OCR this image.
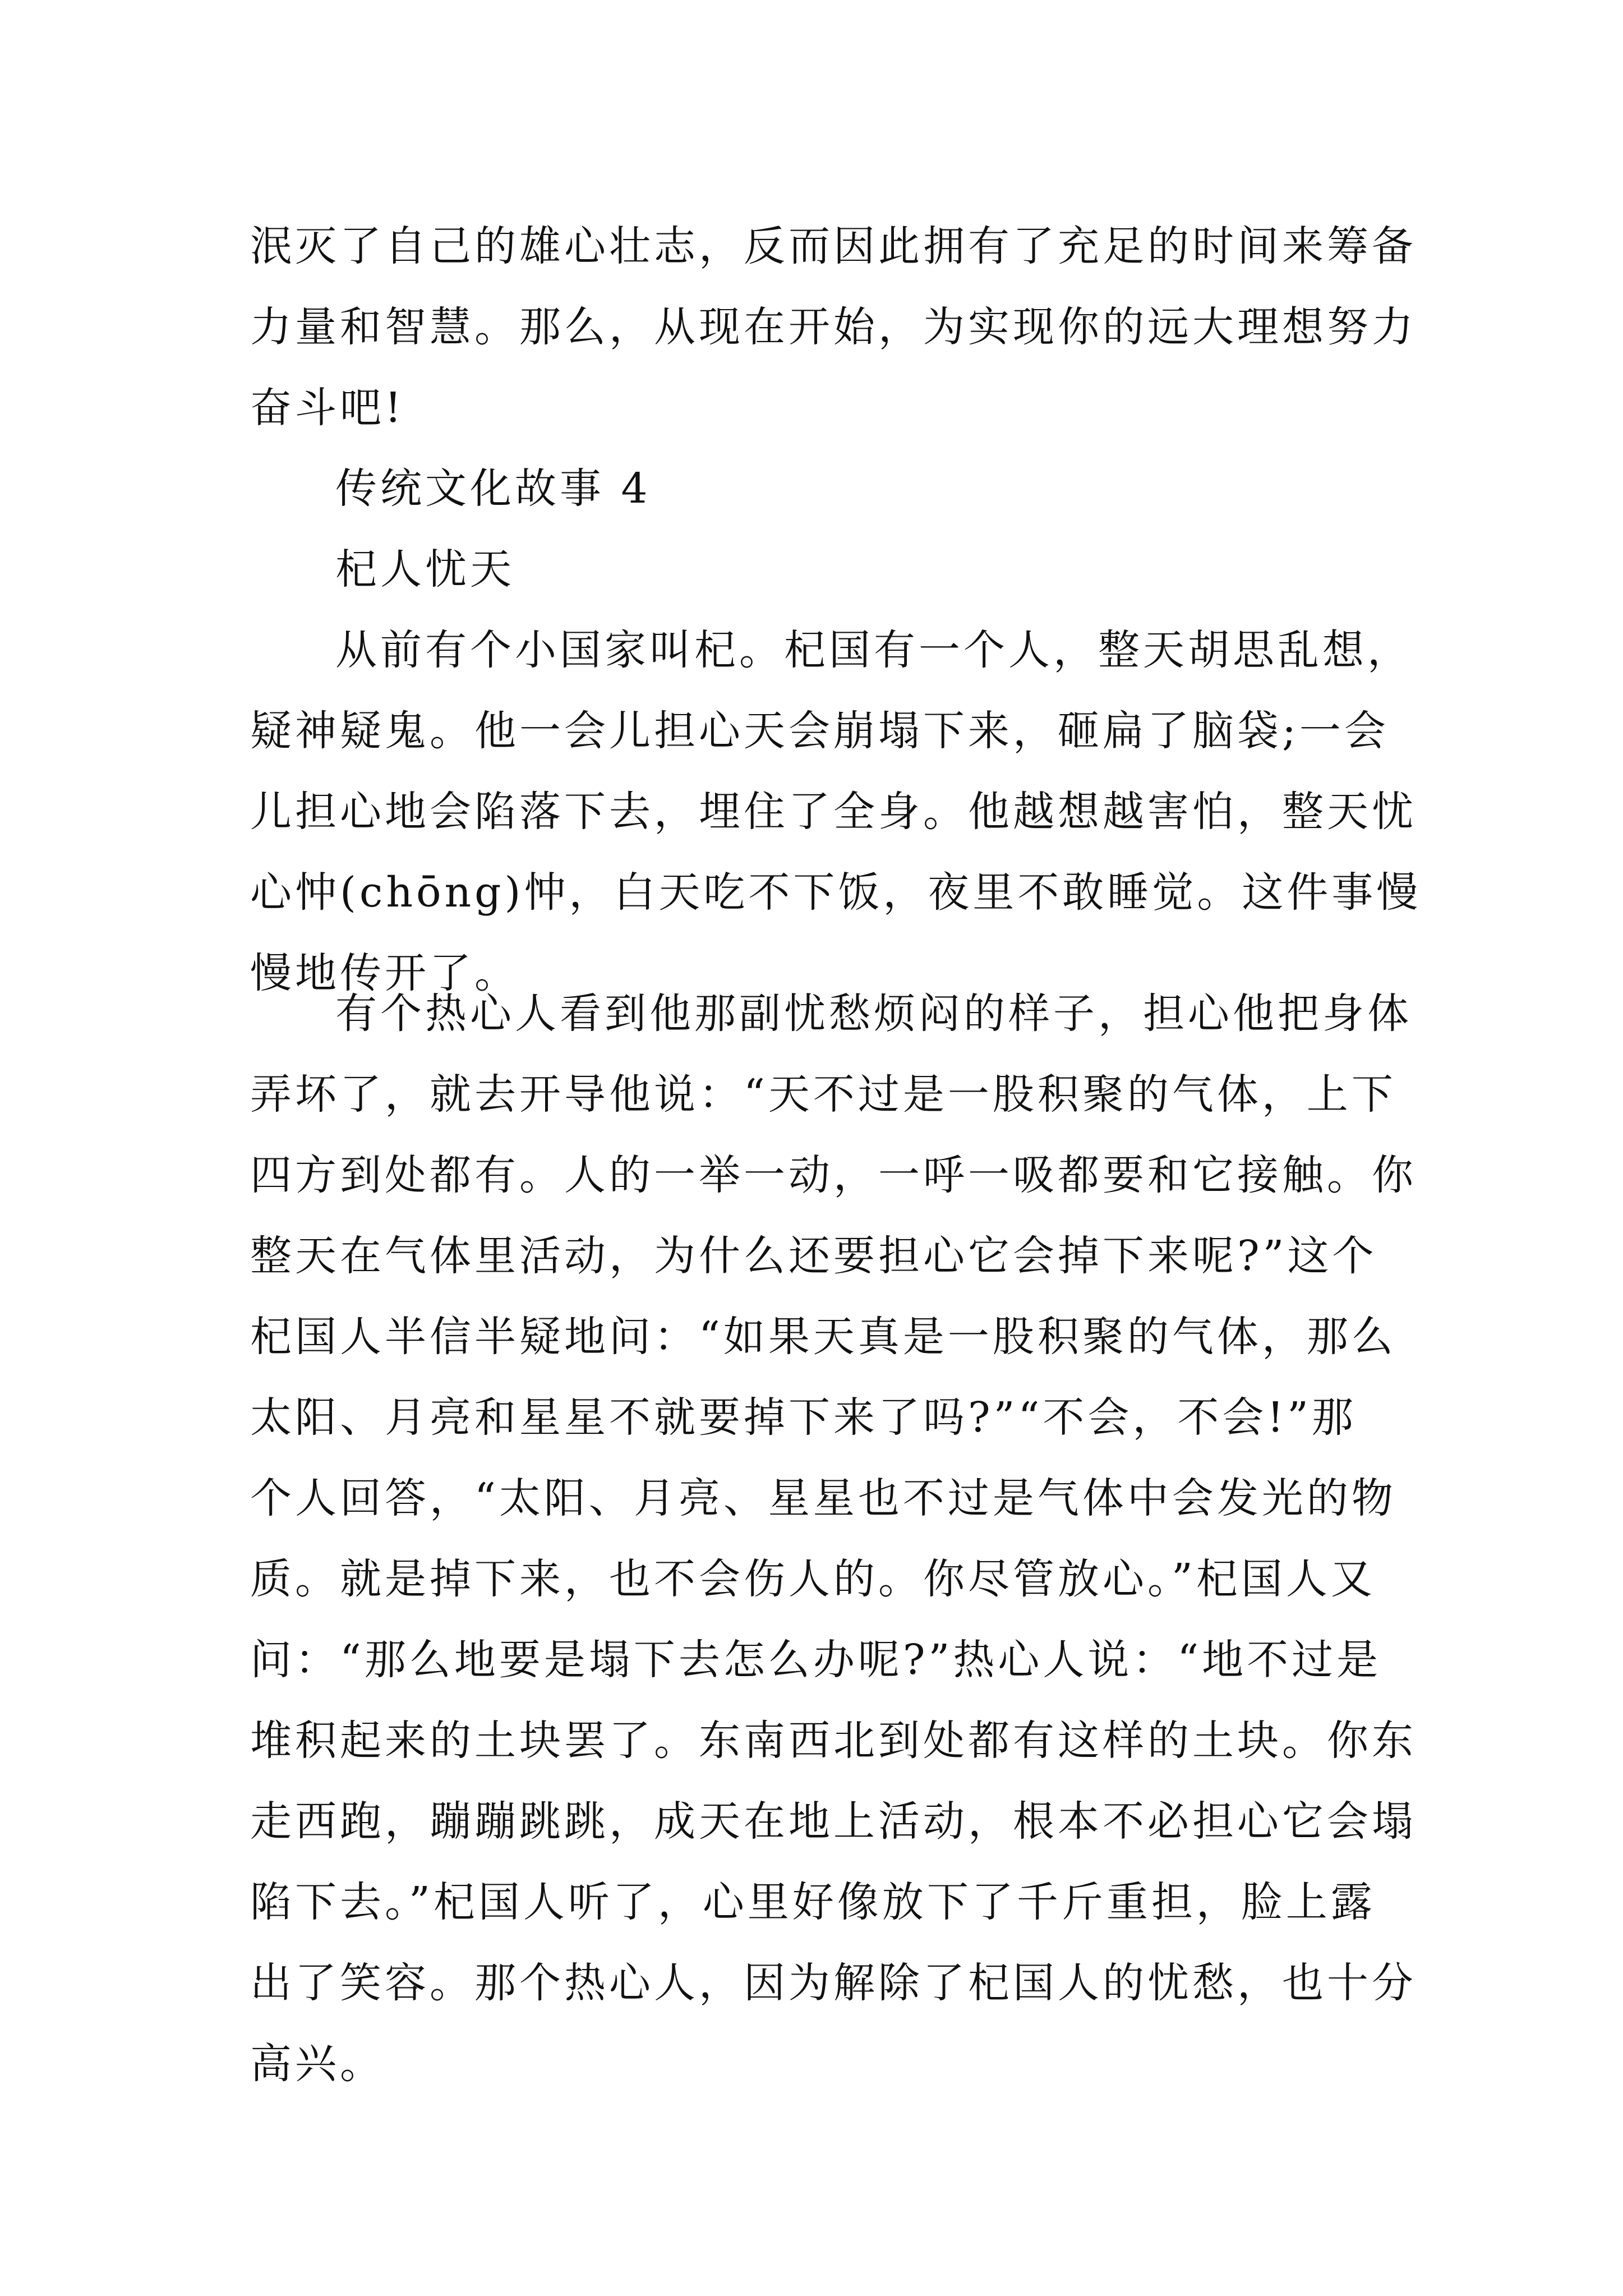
泯灭了自己的雄心壮志，反而因此拥有了充足的时间来筹备
力量和智慧。那么，从现在开始，为实现你的远大理想努力
奋斗吧!
传统文化故事 4
杞人忧天
从前有个小国家叫杞。杞国有一个人，整天胡思乱想，
疑神疑鬼。他一会儿担心天会崩塌下来，砸扁了脑袋;一会
儿担心地会陷落下去，埋住了全身。他越想越害怕，整天忧
心忡(chōng)忡，白天吃不下饭，夜里不敢睡觉。这件事慢
慢地传开了。
有个热心人看到他那副忧愁烦闷的样子，担心他把身体
弄坏了，就去开导他说：“天不过是一股积聚的气体，上下
四方到处都有。人的一举一动，一呼一吸都要和它接触。你
整天在气体里活动，为什么还要担心它会掉下来呢?”这个
杞国人半信半疑地问：“如果天真是一股积聚的气体，那么
太阳、月亮和星星不就要掉下来了吗?”“不会，不会!”那
个人回答，“太阳、月亮、星星也不过是气体中会发光的物
质。就是掉下来，也不会伤人的。你尽管放心。”杞国人又
问：“那么地要是塌下去怎么办呢?”热心人说：“地不过是
堆积起来的土块罢了。东南西北到处都有这样的土块。你东
走西跑，蹦蹦跳跳，成天在地上活动，根本不必担心它会塌
陷下去。”杞国人听了，心里好像放下了千斤重担，脸上露
出了笑容。那个热心人，因为解除了杞国人的忧愁，也十分
高兴。
